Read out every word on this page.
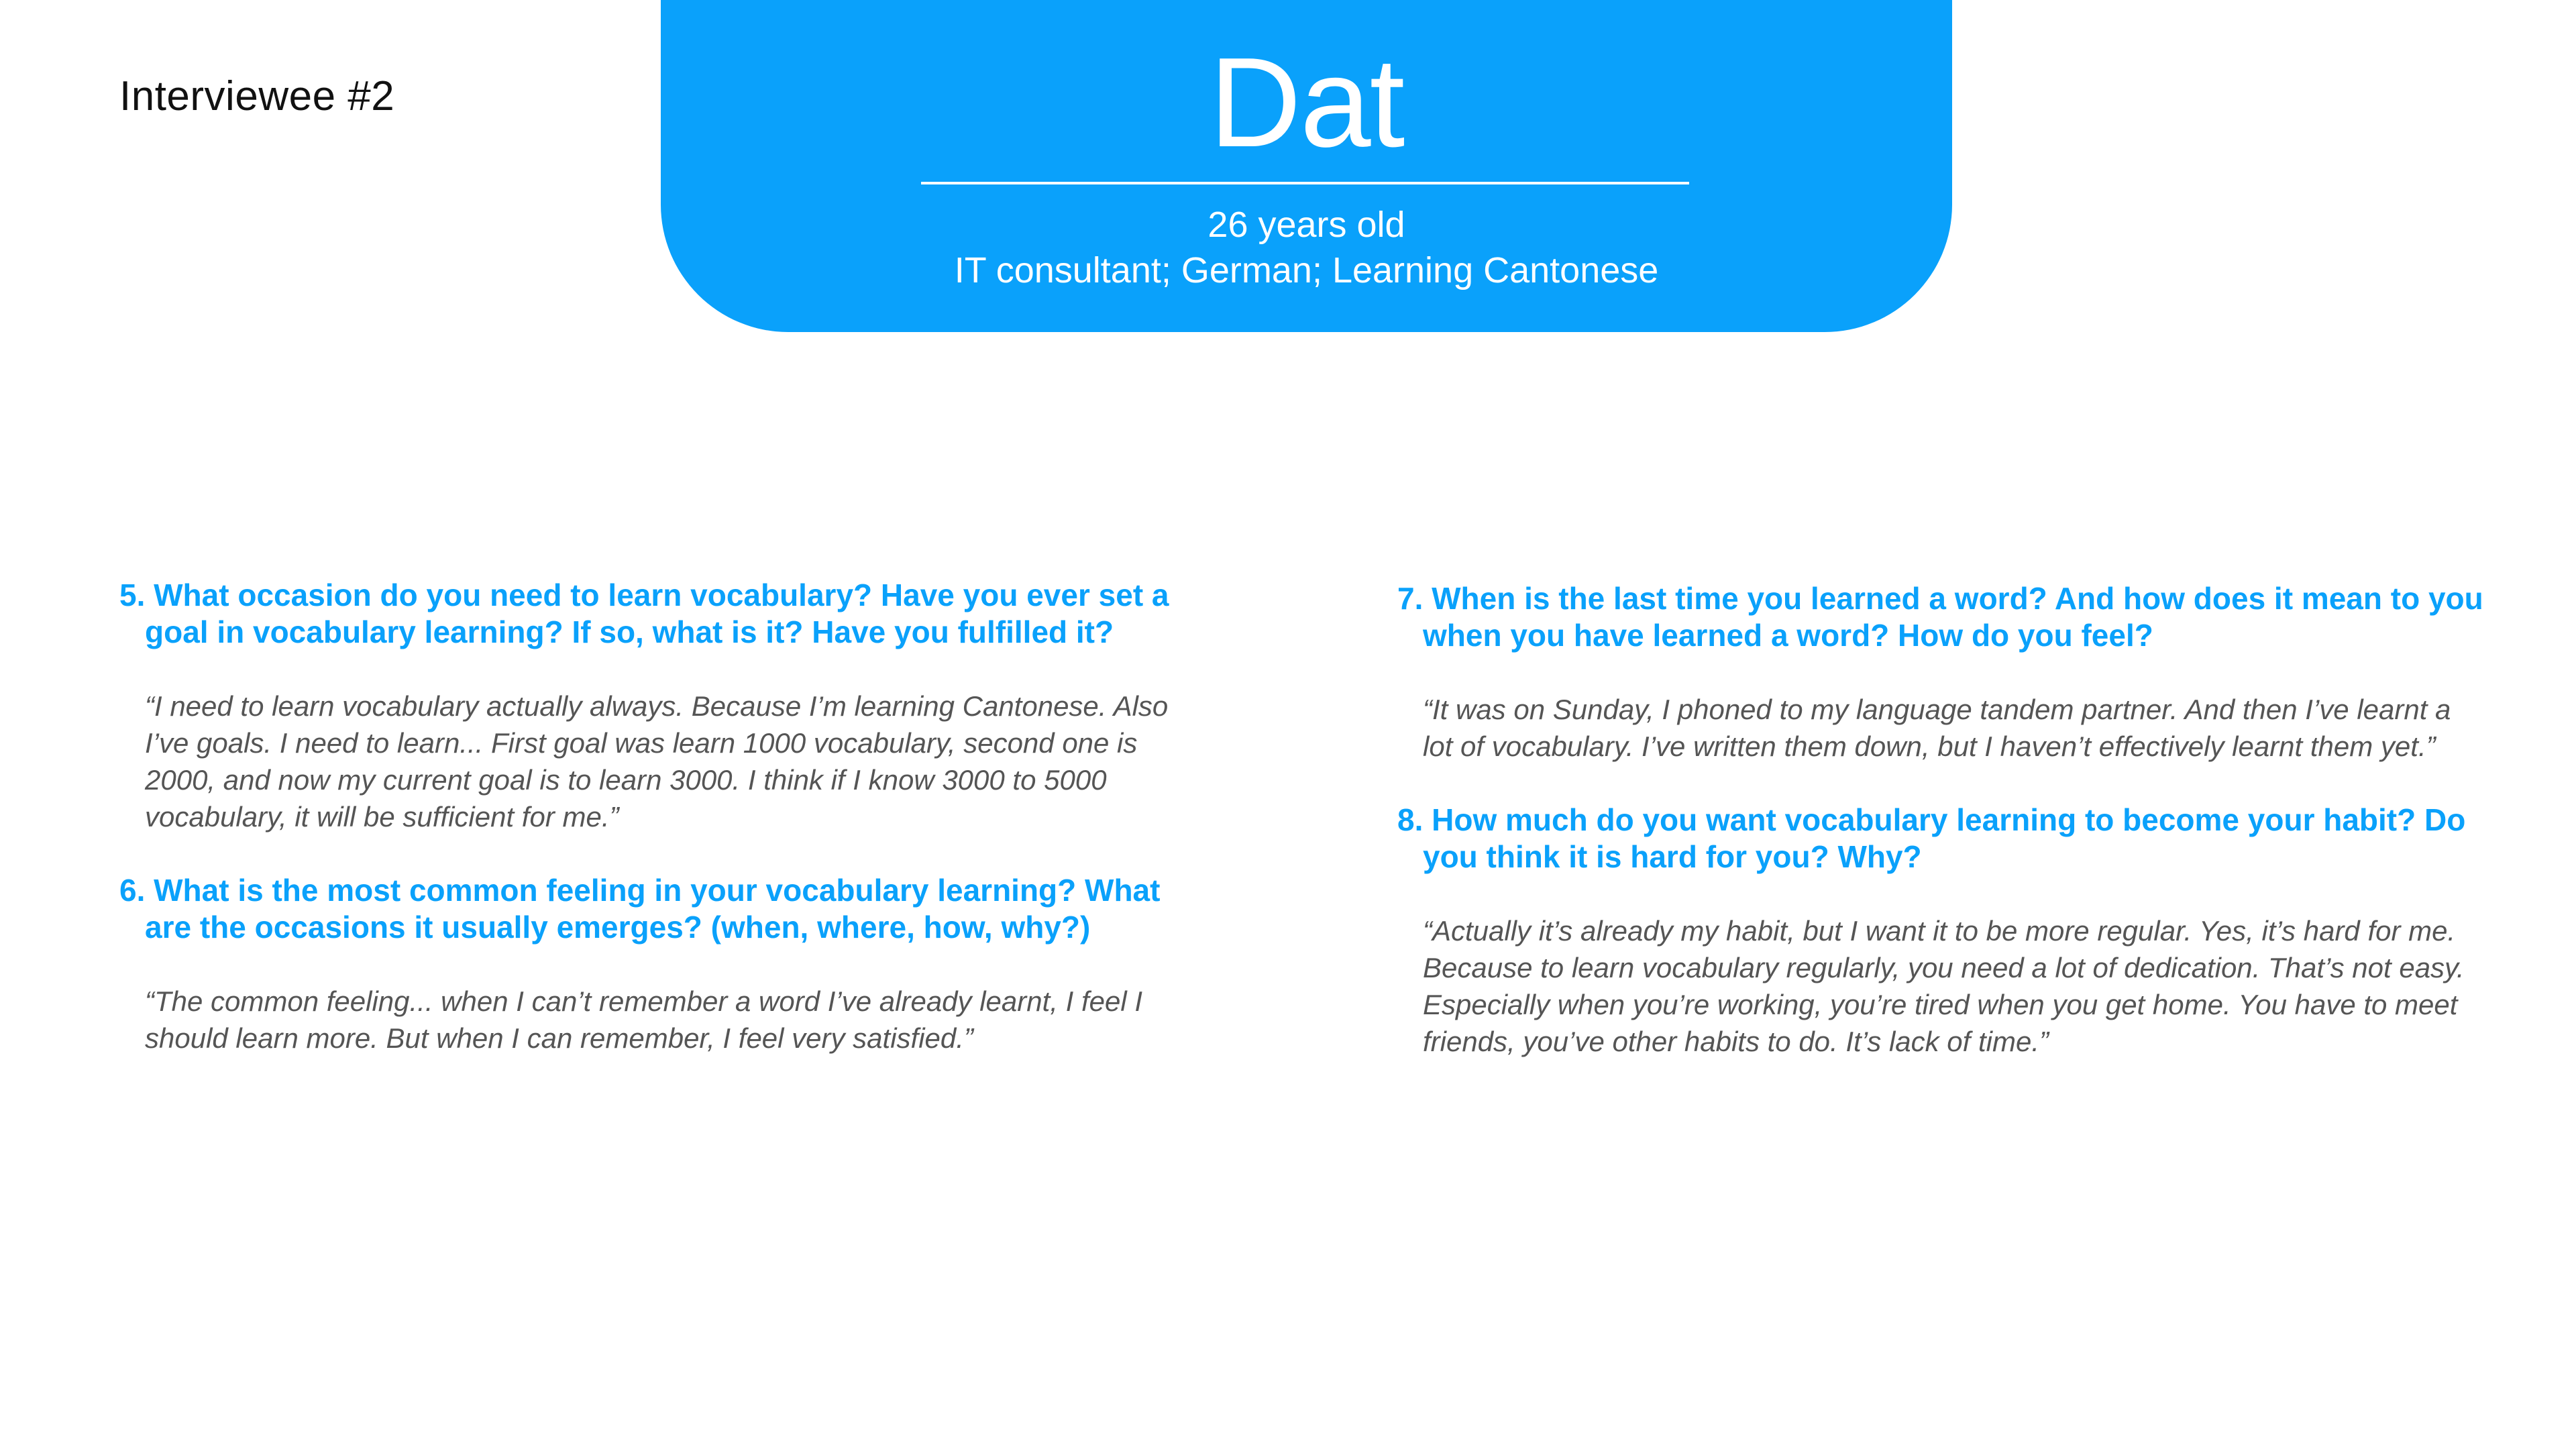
Interviewee #2	Dat
26 years old
IT consultant; German; Learning Cantonese

5. What occasion do you need to learn vocabulary? Have you ever set a goal in vocabulary learning? If so, what is it? Have you fulfilled it?

“I need to learn vocabulary actually always. Because I’m learning Cantonese. Also I’ve goals. I need to learn... First goal was learn 1000 vocabulary, second one is 2000, and now my current goal is to learn 3000. I think if I know 3000 to 5000 vocabulary, it will be sufficient for me.”

6. What is the most common feeling in your vocabulary learning? What are the occasions it usually emerges? (when, where, how, why?)

“The common feeling... when I can’t remember a word I’ve already learnt, I feel I should learn more. But when I can remember, I feel very satisfied.”

7. When is the last time you learned a word? And how does it mean to you when you have learned a word? How do you feel?

“It was on Sunday, I phoned to my language tandem partner. And then I’ve learnt a lot of vocabulary. I’ve written them down, but I haven’t effectively learnt them yet.”

8. How much do you want vocabulary learning to become your habit? Do you think it is hard for you? Why?

“Actually it’s already my habit, but I want it to be more regular. Yes, it’s hard for me. Because to learn vocabulary regularly, you need a lot of dedication. That’s not easy. Especially when you’re working, you’re tired when you get home. You have to meet friends, you’ve other habits to do. It’s lack of time.”
